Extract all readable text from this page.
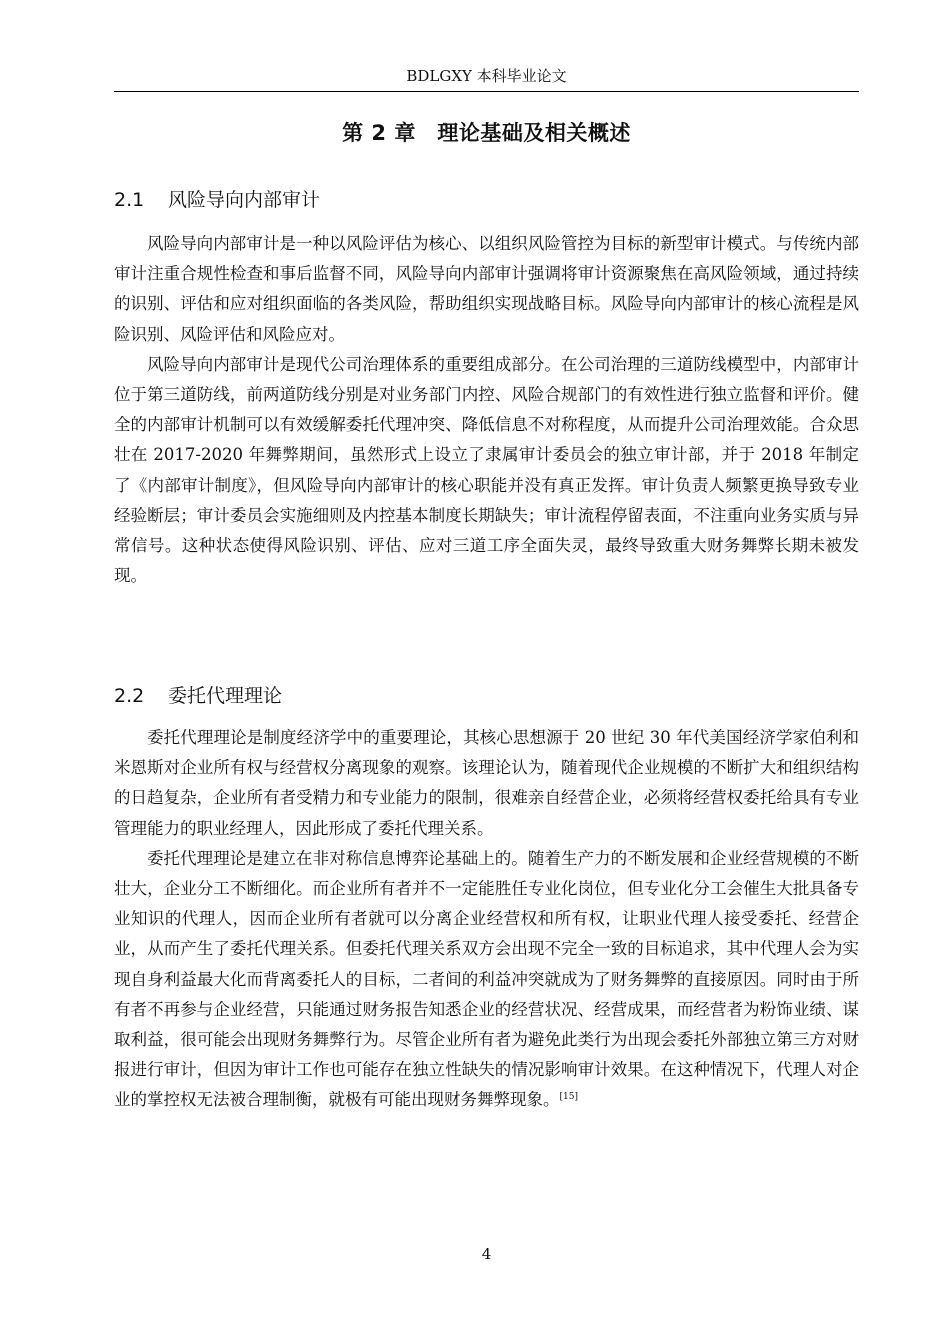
BDLGXY 本科毕业论文
第 2 章　理论基础及相关概述
2.1 风险导向内部审计

风险导向内部审计是一种以风险评估为核心、以组织风险管控为目标的新型审计模式。与传统内部审计注重合规性检查和事后监督不同，风险导向内部审计强调将审计资源聚焦在高风险领域，通过持续的识别、评估和应对组织面临的各类风险，帮助组织实现战略目标。风险导向内部审计的核心流程是风险识别、风险评估和风险应对。

风险导向内部审计是现代公司治理体系的重要组成部分。在公司治理的三道防线模型中，内部审计位于第三道防线，前两道防线分别是对业务部门内控、风险合规部门的有效性进行独立监督和评价。健全的内部审计机制可以有效缓解委托代理冲突、降低信息不对称程度，从而提升公司治理效能。合众思壮在 2017-2020 年舞弊期间，虽然形式上设立了隶属审计委员会的独立审计部，并于 2018 年制定了《内部审计制度》，但风险导向内部审计的核心职能并没有真正发挥。审计负责人频繁更换导致专业经验断层；审计委员会实施细则及内控基本制度长期缺失；审计流程停留表面，不注重向业务实质与异常信号。这种状态使得风险识别、评估、应对三道工序全面失灵，最终导致重大财务舞弊长期未被发现。

2.2 委托代理理论

委托代理理论是制度经济学中的重要理论，其核心思想源于 20 世纪 30 年代美国经济学家伯利和米恩斯对企业所有权与经营权分离现象的观察。该理论认为，随着现代企业规模的不断扩大和组织结构的日趋复杂，企业所有者受精力和专业能力的限制，很难亲自经营企业，必须将经营权委托给具有专业管理能力的职业经理人，因此形成了委托代理关系。

委托代理理论是建立在非对称信息博弈论基础上的。随着生产力的不断发展和企业经营规模的不断壮大，企业分工不断细化。而企业所有者并不一定能胜任专业化岗位，但专业化分工会催生大批具备专业知识的代理人，因而企业所有者就可以分离企业经营权和所有权，让职业代理人接受委托、经营企业，从而产生了委托代理关系。但委托代理关系双方会出现不完全一致的目标追求，其中代理人会为实现自身利益最大化而背离委托人的目标，二者间的利益冲突就成为了财务舞弊的直接原因。同时由于所有者不再参与企业经营，只能通过财务报告知悉企业的经营状况、经营成果，而经营者为粉饰业绩、谋取利益，很可能会出现财务舞弊行为。尽管企业所有者为避免此类行为出现会委托外部独立第三方对财报进行审计，但因为审计工作也可能存在独立性缺失的情况影响审计效果。在这种情况下，代理人对企业的掌控权无法被合理制衡，就极有可能出现财务舞弊现象。[15]

4
